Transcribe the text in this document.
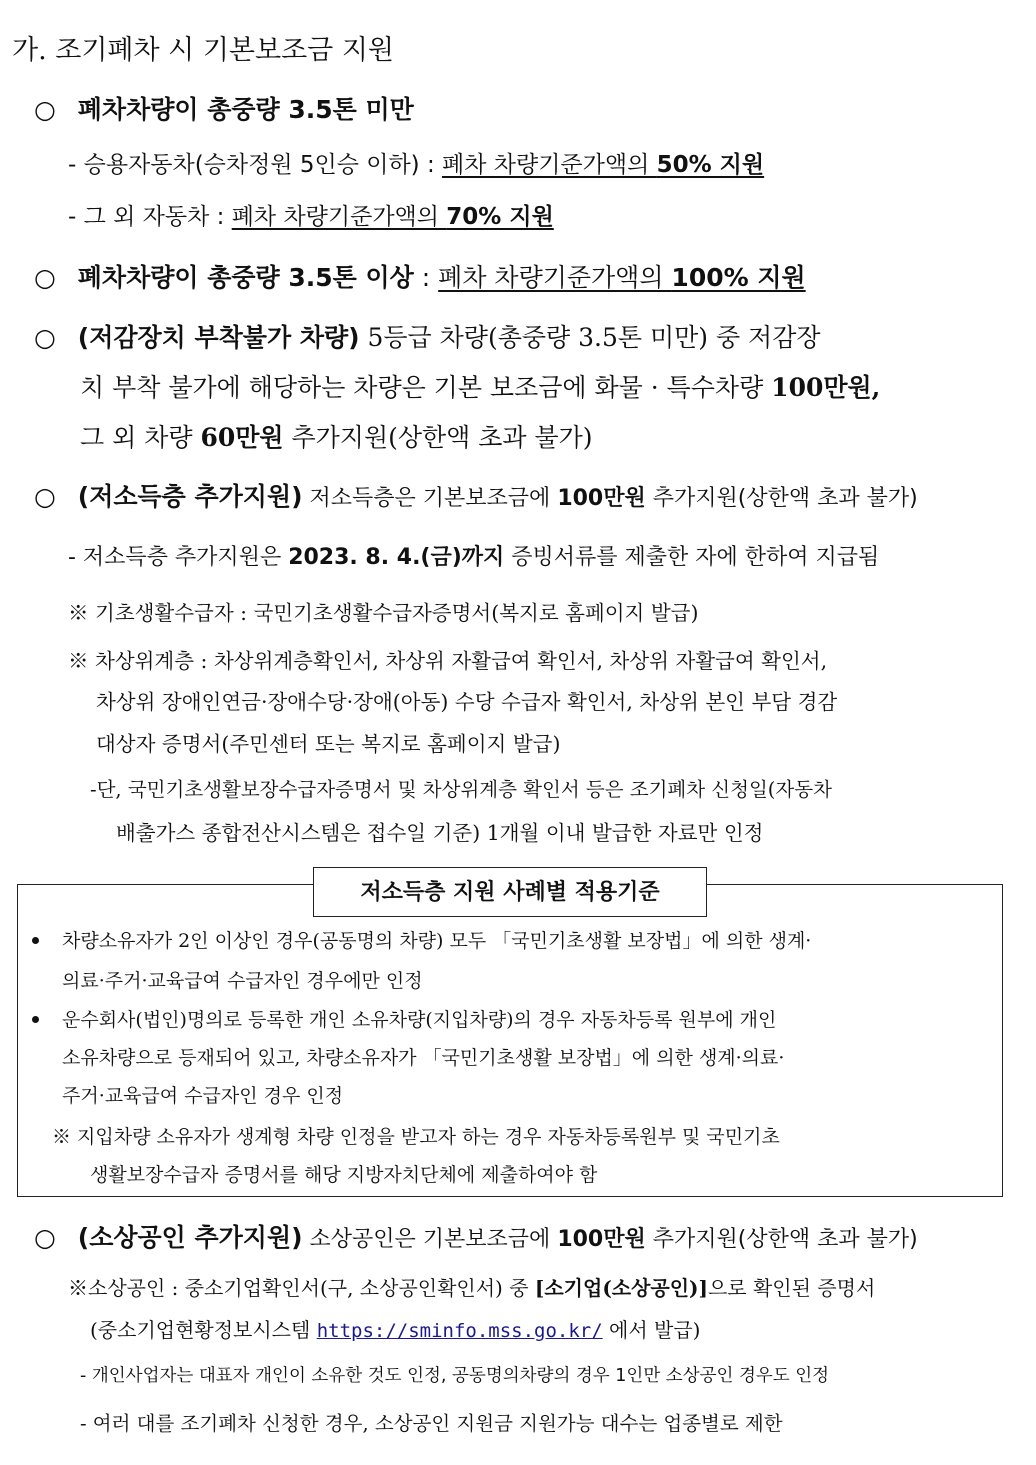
가. 조기폐차 시 기본보조금 지원
○ 폐차차량이 총중량 3.5톤 미만
- 승용자동차(승차정원 5인승 이하) : 폐차 차량기준가액의 50% 지원
- 그 외 자동차 : 폐차 차량기준가액의 70% 지원
○ 폐차차량이 총중량 3.5톤 이상 : 폐차 차량기준가액의 100% 지원
○ (저감장치 부착불가 차량) 5등급 차량(총중량 3.5톤 미만) 중 저감장
치 부착 불가에 해당하는 차량은 기본 보조금에 화물 · 특수차량 100만원,
그 외 차량 60만원 추가지원(상한액 초과 불가)
○ (저소득층 추가지원) 저소득층은 기본보조금에 100만원 추가지원(상한액 초과 불가)
- 저소득층 추가지원은 2023. 8. 4.(금)까지 증빙서류를 제출한 자에 한하여 지급됨
※ 기초생활수급자 : 국민기초생활수급자증명서(복지로 홈페이지 발급)
※ 차상위계층 : 차상위계층확인서, 차상위 자활급여 확인서, 차상위 자활급여 확인서,
차상위 장애인연금·장애수당·장애(아동) 수당 수급자 확인서, 차상위 본인 부담 경감
대상자 증명서(주민센터 또는 복지로 홈페이지 발급)
-단, 국민기초생활보장수급자증명서 및 차상위계층 확인서 등은 조기폐차 신청일(자동차
배출가스 종합전산시스템은 접수일 기준) 1개월 이내 발급한 자료만 인정
저소득층 지원 사례별 적용기준
차량소유자가 2인 이상인 경우(공동명의 차량) 모두 「국민기초생활 보장법」에 의한 생계·
의료·주거·교육급여 수급자인 경우에만 인정
운수회사(법인)명의로 등록한 개인 소유차량(지입차량)의 경우 자동차등록 원부에 개인
소유차량으로 등재되어 있고, 차량소유자가 「국민기초생활 보장법」에 의한 생계·의료·
주거·교육급여 수급자인 경우 인정
※ 지입차량 소유자가 생계형 차량 인정을 받고자 하는 경우 자동차등록원부 및 국민기초
생활보장수급자 증명서를 해당 지방자치단체에 제출하여야 함
○ (소상공인 추가지원) 소상공인은 기본보조금에 100만원 추가지원(상한액 초과 불가)
※소상공인 : 중소기업확인서(구, 소상공인확인서) 중 [소기업(소상공인)]으로 확인된 증명서
(중소기업현황정보시스템 https://sminfo.mss.go.kr/ 에서 발급)
- 개인사업자는 대표자 개인이 소유한 것도 인정, 공동명의차량의 경우 1인만 소상공인 경우도 인정
- 여러 대를 조기폐차 신청한 경우, 소상공인 지원금 지원가능 대수는 업종별로 제한
